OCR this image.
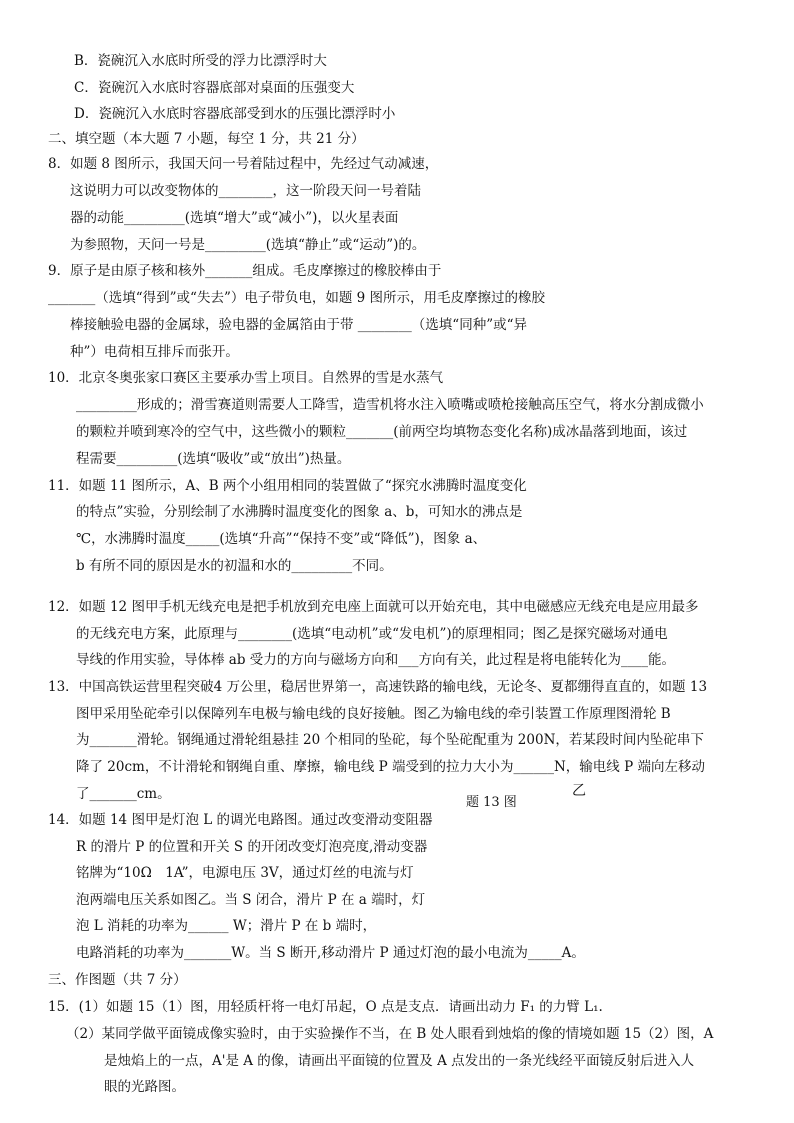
B．瓷碗沉入水底时所受的浮力比漂浮时大
C．瓷碗沉入水底时容器底部对桌面的压强变大
D．瓷碗沉入水底时容器底部受到水的压强比漂浮时小
二、填空题（本大题 7 小题，每空 1 分，共 21 分）
8．如题 8 图所示，我国天问一号着陆过程中，先经过气动减速，
这说明力可以改变物体的________，这一阶段天问一号着陆
器的动能_________(选填“增大”或“减小”)，以火星表面
为参照物，天问一号是_________(选填“静止”或“运动”)的。
9．原子是由原子核和核外_______组成。毛皮摩擦过的橡胶棒由于
_______（选填“得到”或“失去”）电子带负电，如题 9 图所示，用毛皮摩擦过的橡胶
棒接触验电器的金属球，验电器的金属箔由于带 ________（选填“同种”或“异
种”）电荷相互排斥而张开。
10．北京冬奥张家口赛区主要承办雪上项目。自然界的雪是水蒸气
_________形成的；滑雪赛道则需要人工降雪，造雪机将水注入喷嘴或喷枪接触高压空气，将水分割成微小
的颗粒并喷到寒冷的空气中，这些微小的颗粒_______(前两空均填物态变化名称)成冰晶落到地面，该过
程需要_________(选填“吸收”或“放出”)热量。
11．如题 11 图所示，A、B 两个小组用相同的装置做了“探究水沸腾时温度变化
的特点”实验，分别绘制了水沸腾时温度变化的图象 a、b，可知水的沸点是
℃，水沸腾时温度_____(选填“升高”“保持不变”或“降低”)，图象 a、
b 有所不同的原因是水的初温和水的_________不同。
12．如题 12 图甲手机无线充电是把手机放到充电座上面就可以开始充电，其中电磁感应无线充电是应用最多
的无线充电方案，此原理与________(选填“电动机”或“发电机”)的原理相同；图乙是探究磁场对通电
导线的作用实验，导体棒 ab 受力的方向与磁场方向和___方向有关，此过程是将电能转化为____能。
13．中国高铁运营里程突破4 万公里，稳居世界第一，高速铁路的输电线，无论冬、夏都绷得直直的，如题 13
图甲采用坠砣牵引以保障列车电极与输电线的良好接触。图乙为输电线的牵引装置工作原理图滑轮 B
为_______滑轮。钢绳通过滑轮组悬挂 20 个相同的坠砣，每个坠砣配重为 200N，若某段时间内坠砣串下
降了 20cm，不计滑轮和钢绳自重、摩擦，输电线 P 端受到的拉力大小为______N，输电线 P 端向左移动
了_______cm。
题 13 图
乙
14．如题 14 图甲是灯泡 L 的调光电路图。通过改变滑动变阻器
R 的滑片 P 的位置和开关 S 的开闭改变灯泡亮度,滑动变器
铭牌为“10Ω　1A”，电源电压 3V，通过灯丝的电流与灯
泡两端电压关系如图乙。当 S 闭合，滑片 P 在 a 端时，灯
泡 L 消耗的功率为______ W；滑片 P 在 b 端时，
电路消耗的功率为_______W。当 S 断开,移动滑片 P 通过灯泡的最小电流为_____A。
三、作图题（共 7 分）
15．(1）如题 15（1）图，用轻质杆将一电灯吊起，O 点是支点．请画出动力 F₁ 的力臂 L₁.
（2）某同学做平面镜成像实验时，由于实验操作不当，在 B 处人眼看到烛焰的像的情境如题 15（2）图，A
是烛焰上的一点，A'是 A 的像，请画出平面镜的位置及 A 点发出的一条光线经平面镜反射后进入人
眼的光路图。
